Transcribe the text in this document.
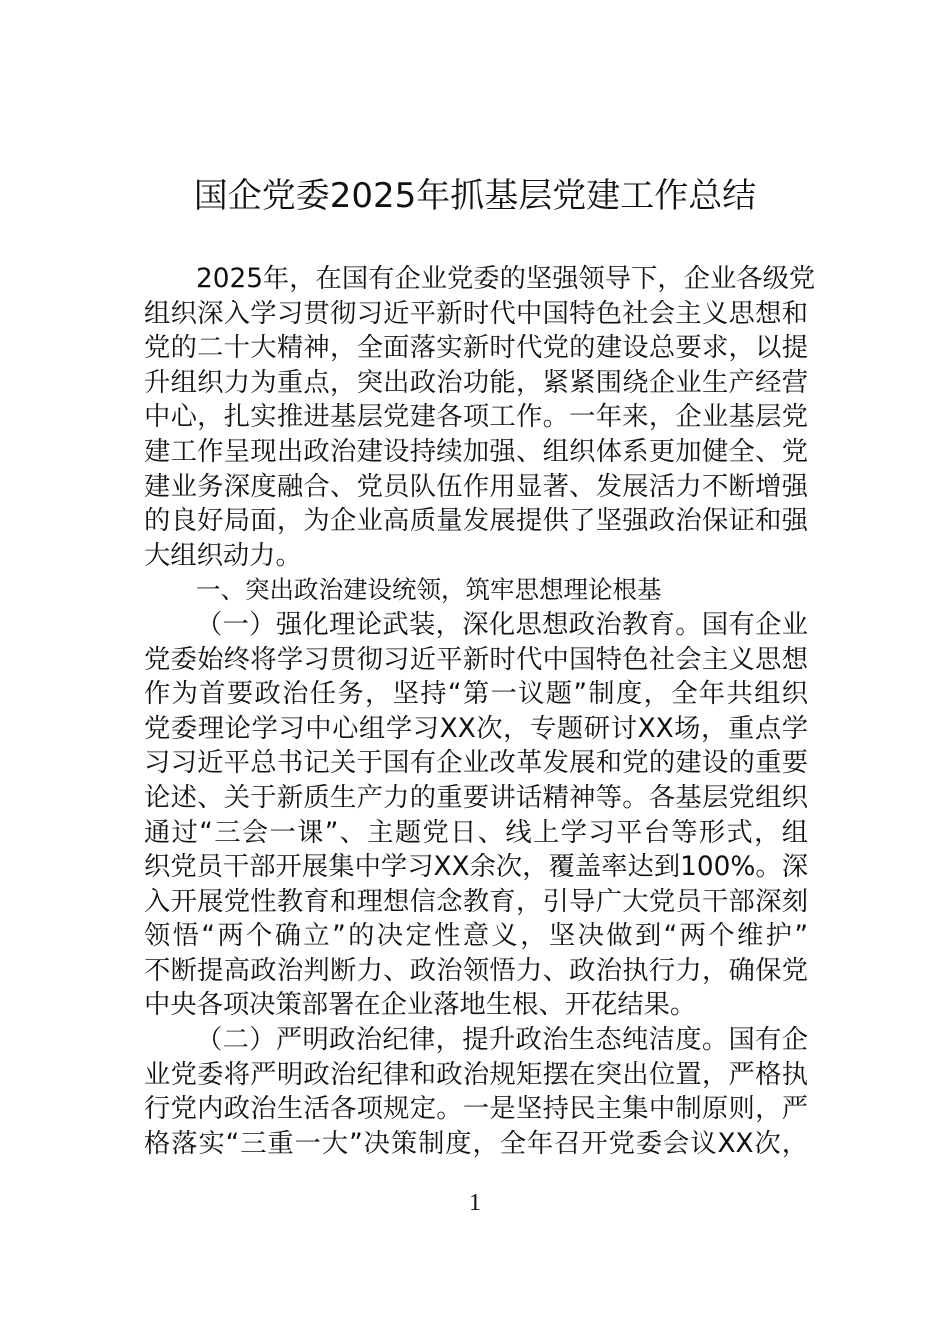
国企党委2025年抓基层党建工作总结
2025年，在国有企业党委的坚强领导下，企业各级党
组织深入学习贯彻习近平新时代中国特色社会主义思想和
党的二十大精神，全面落实新时代党的建设总要求，以提
升组织力为重点，突出政治功能，紧紧围绕企业生产经营
中心，扎实推进基层党建各项工作。一年来，企业基层党
建工作呈现出政治建设持续加强、组织体系更加健全、党
建业务深度融合、党员队伍作用显著、发展活力不断增强
的良好局面，为企业高质量发展提供了坚强政治保证和强
大组织动力。
一、突出政治建设统领，筑牢思想理论根基
（一）强化理论武装，深化思想政治教育。国有企业
党委始终将学习贯彻习近平新时代中国特色社会主义思想
作为首要政治任务，坚持“第一议题”制度，全年共组织
党委理论学习中心组学习XX次，专题研讨XX场，重点学
习习近平总书记关于国有企业改革发展和党的建设的重要
论述、关于新质生产力的重要讲话精神等。各基层党组织
通过“三会一课”、主题党日、线上学习平台等形式，组
织党员干部开展集中学习XX余次，覆盖率达到100%。深
入开展党性教育和理想信念教育，引导广大党员干部深刻
领悟“两个确立”的决定性意义，坚决做到“两个维护”
不断提高政治判断力、政治领悟力、政治执行力，确保党
中央各项决策部署在企业落地生根、开花结果。
（二）严明政治纪律，提升政治生态纯洁度。国有企
业党委将严明政治纪律和政治规矩摆在突出位置，严格执
行党内政治生活各项规定。一是坚持民主集中制原则，严
格落实“三重一大”决策制度，全年召开党委会议XX次，
1
